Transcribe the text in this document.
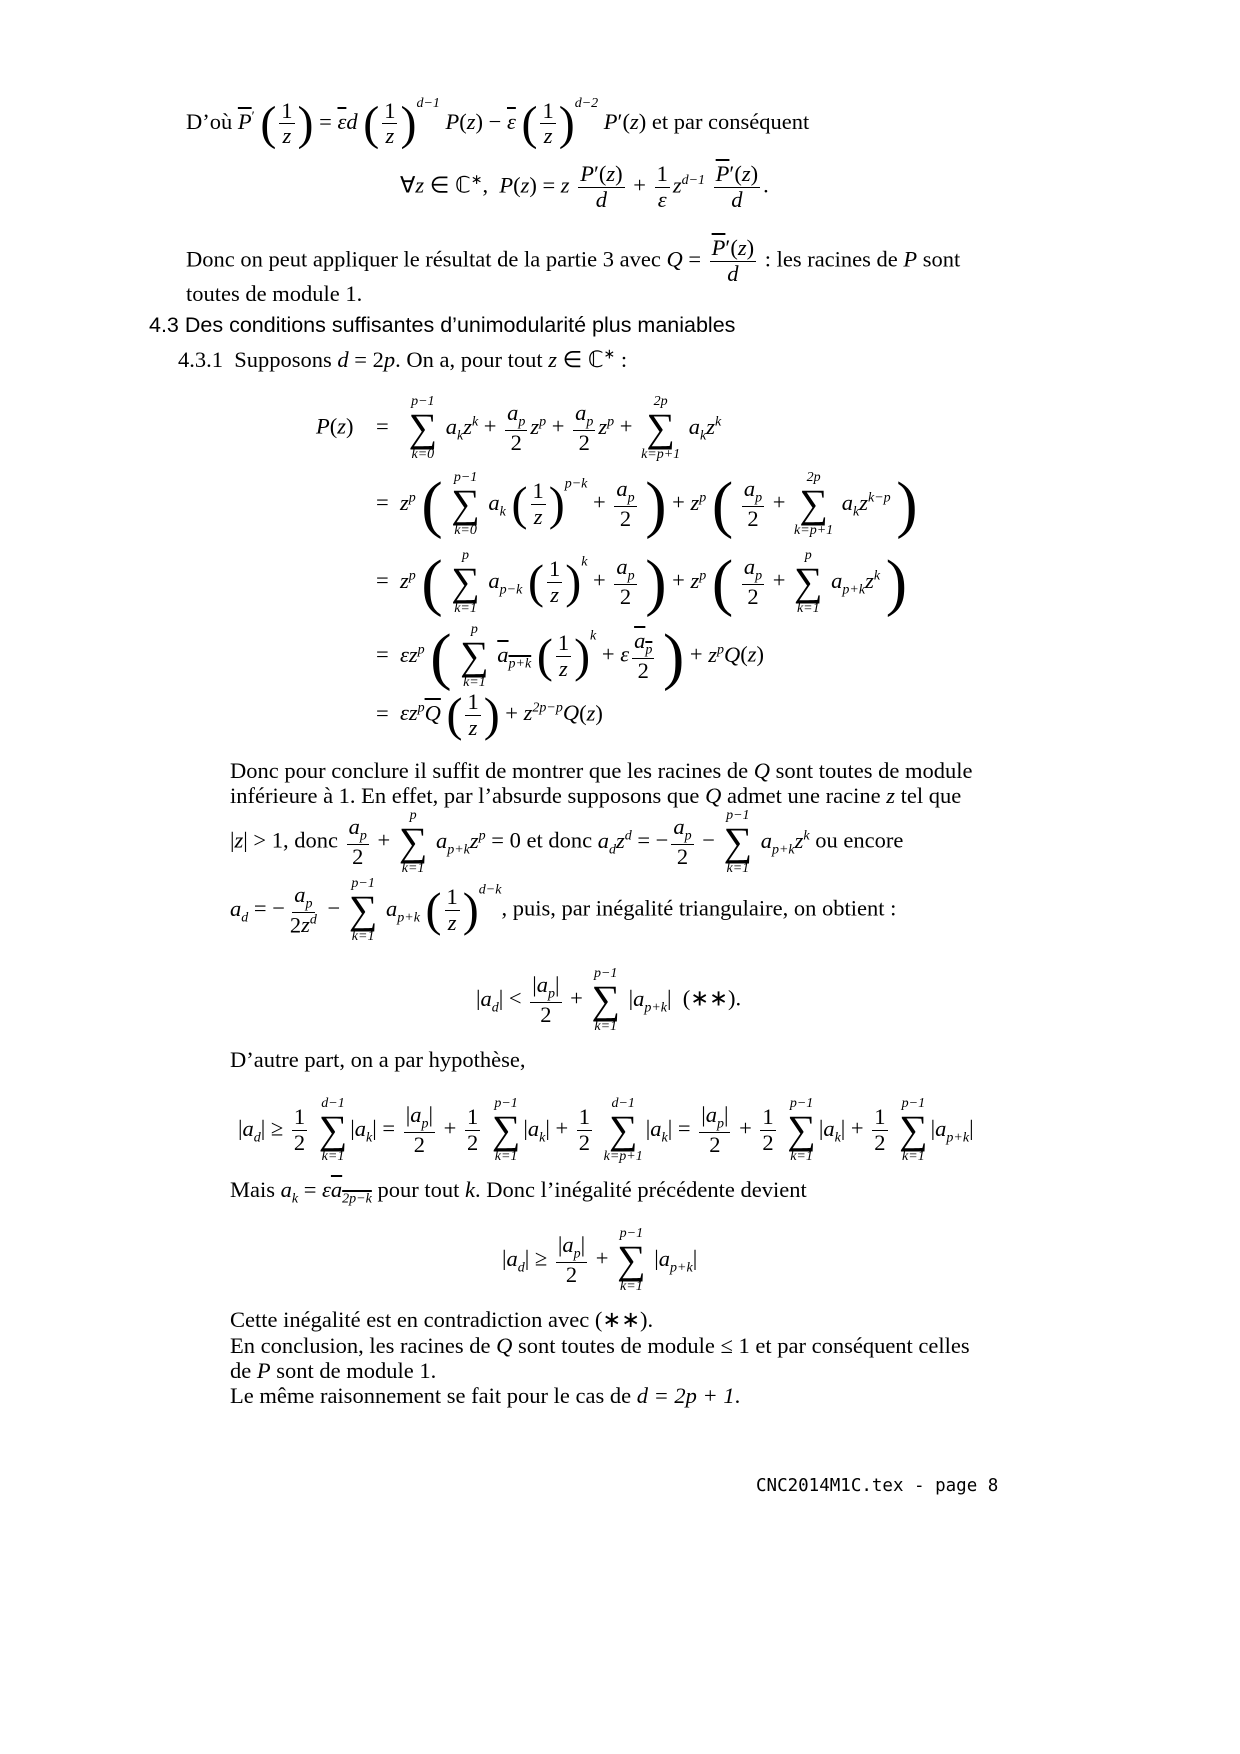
D’où $\overline{P}'$ ( $\frac{1}{z}$ ) = $\overline{\varepsilon}d$ ( $\frac{1}{z} )^{d-1}$ $P(z) - \overline{\varepsilon}$ ( $\frac{1}{z} )^{d-2}$ P′(z) et par conséquent
∀z ∈ ℂ∗,  P(z) = z $\frac{P'(z)}{d} + \frac{1}{\varepsilon} z^{d-1} \frac{\overline{P}'(z)}{d}$ .
Donc on peut appliquer le résultat de la partie 3 avec $Q = \frac{\overline{P}'(z)}{d}$ : les racines de P sont
toutes de module 1.
4.3 Des conditions suffisantes d’unimodularité plus maniables
4.3.1 Supposons d = 2p. On a, pour tout z ∈ ℂ∗ :
P(z)    =
p−1
∑
k=0
$a_kz^k + \frac{a_p}{2} z^p + \frac{a_p}{2} z^p$ +
2p
∑
k=p+1
$a_kz^k$
=  $z^p$ ( p−1
∑
k=0
$a_k$ ( $\frac{1}{z} )^{p-k} + \frac{a_p}{2}$ ) + $z^p$ ( $\frac{a_p}{2}$ +
2p
∑
k=p+1
$a_kz^{k-p}$ )
=  $z^p$ ( p
∑
k=1
$a_{p-k}$ ( $\frac{1}{z} )^k + \frac{a_p}{2}$ ) + $z^p$ ( $\frac{a_p}{2}$ +
p
∑
k=1
$a_{p+k}z^k$ )
=  $\varepsilon z^p$ ( p
∑
k=1
$a_{p+k}$ ( $\frac{1}{z} )^k + \varepsilon \frac{a_p}{2}$ ) + $z^pQ(z)$
=  $\varepsilon z^p\overline{Q}$ ( $\frac{1}{z}$ ) + $z^{2p-p}Q(z)$
Donc pour conclure il suffit de montrer que les racines de Q sont toutes de module
inférieure à 1. En effet, par l’absurde supposons que Q admet une racine z tel que
|z| > 1, donc $\frac{a_p}{2}$ +
p
∑
k=1
$a_{p+k}z^p = 0$ et donc $a_dz^d$ = − $\frac{a_p}{2}$ −
p−1
∑
k=1
$a_{p+k}z^k$ ou encore
$a_d$ = − $\frac{a_p}{2z^d}$ −
p−1
∑
k=1
$a_{p+k}$ ( $\frac{1}{z} )^{d-k}$, puis, par inégalité triangulaire, on obtient :
$|a_d| < \frac{|a_p|}{2}$ +
p−1
∑
k=1
$|a_{p+k}|$  (∗∗).
D’autre part, on a par hypothèse,
$|a_d| \ge \frac{1}{2}$

d−1
∑
k=1
$|a_k| = \frac{|a_p|}{2} + \frac{1}{2}$

p−1
∑
k=1
$|a_k| + \frac{1}{2}$

d−1
∑
k=p+1
$|a_k| = \frac{|a_p|}{2} + \frac{1}{2}$

p−1
∑
k=1
$|a_k| + \frac{1}{2}$

p−1
∑
k=1
$|a_{p+k}|$
Mais $a_k = \varepsilon a_{2p-k}$ pour tout k. Donc l’inégalité précédente devient
$|a_d| \ge \frac{|a_p|}{2}$ +
p−1
∑
k=1
$|a_{p+k}|$
Cette inégalité est en contradiction avec (∗∗).
En conclusion, les racines de Q sont toutes de module ≤ 1 et par conséquent celles
de P sont de module 1.
Le même raisonnement se fait pour le cas de d = 2p + 1.
CNC2014M1C.tex - page 8
